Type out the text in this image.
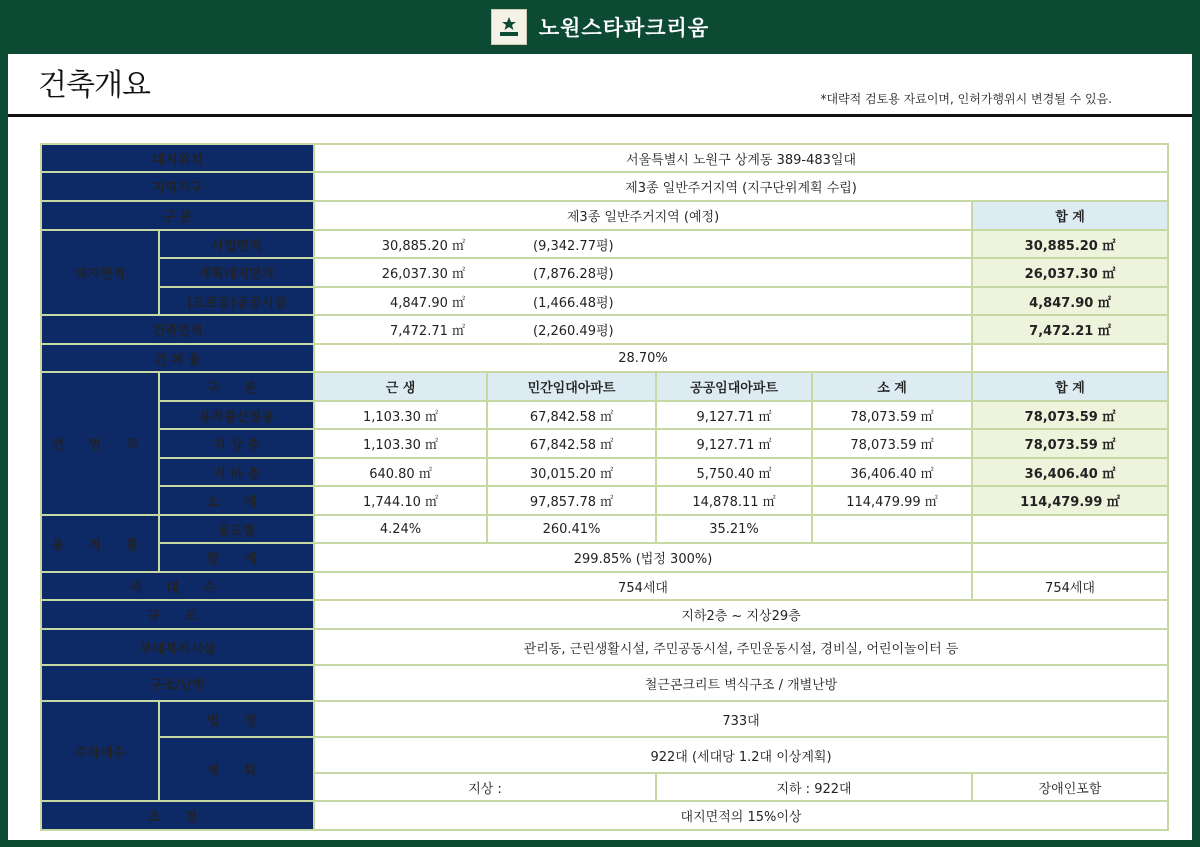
노원스타파크리움
건축개요	*대략적 검토용 자료이며, 인허가행위시 변경될 수 있음.
대지위치		서울특별시 노원구 상계동 389-483일대				
지역지구		제3종 일반주거지역 (지구단위계획 수립)				
구 분		제3종 일반주거지역 (예정)				합 계
대지면적	사업면적	30,885.20 ㎡ (9,342.77평)				30,885.20 ㎡
	계획대지면적	26,037.30 ㎡ (7,876.28평)				26,037.30 ㎡
	(도로등)공공시설	4,847.90 ㎡ (1,466.48평)				4,847.90 ㎡
건축면적		7,472.71 ㎡ (2,260.49평)				7,472.21 ㎡
건 폐 율		28.70%				
연 면 적	구 분	근 생	민간임대아파트	공공임대아파트	소 계	합 계
	용적률산정용	1,103.30 ㎡	67,842.58 ㎡	9,127.71 ㎡	78,073.59 ㎡	78,073.59 ㎡
	지 상 층	1,103.30 ㎡	67,842.58 ㎡	9,127.71 ㎡	78,073.59 ㎡	78,073.59 ㎡
	지 하 층	640.80 ㎡	30,015.20 ㎡	5,750.40 ㎡	36,406.40 ㎡	36,406.40 ㎡
	소 계	1,744.10 ㎡	97,857.78 ㎡	14,878.11 ㎡	114,479.99 ㎡	114,479.99 ㎡
용 적 률	용도별	4.24%	260.41%	35.21%		
	합 계	299.85% (법정 300%)				
세 대 수		754세대				754세대
규 모		지하2층 ~ 지상29층				
부대복리시설		관리동, 근린생활시설, 주민공동시설, 주민운동시설, 경비실, 어린이놀이터 등				
구조/난방		철근콘크리트 벽식구조 / 개별난방				
주차대수	법 정	733대				
	계 획	922대 (세대당 1.2대 이상계획)				
		지상 :		지하 : 922대		장애인포함
조 경		대지면적의 15%이상				
